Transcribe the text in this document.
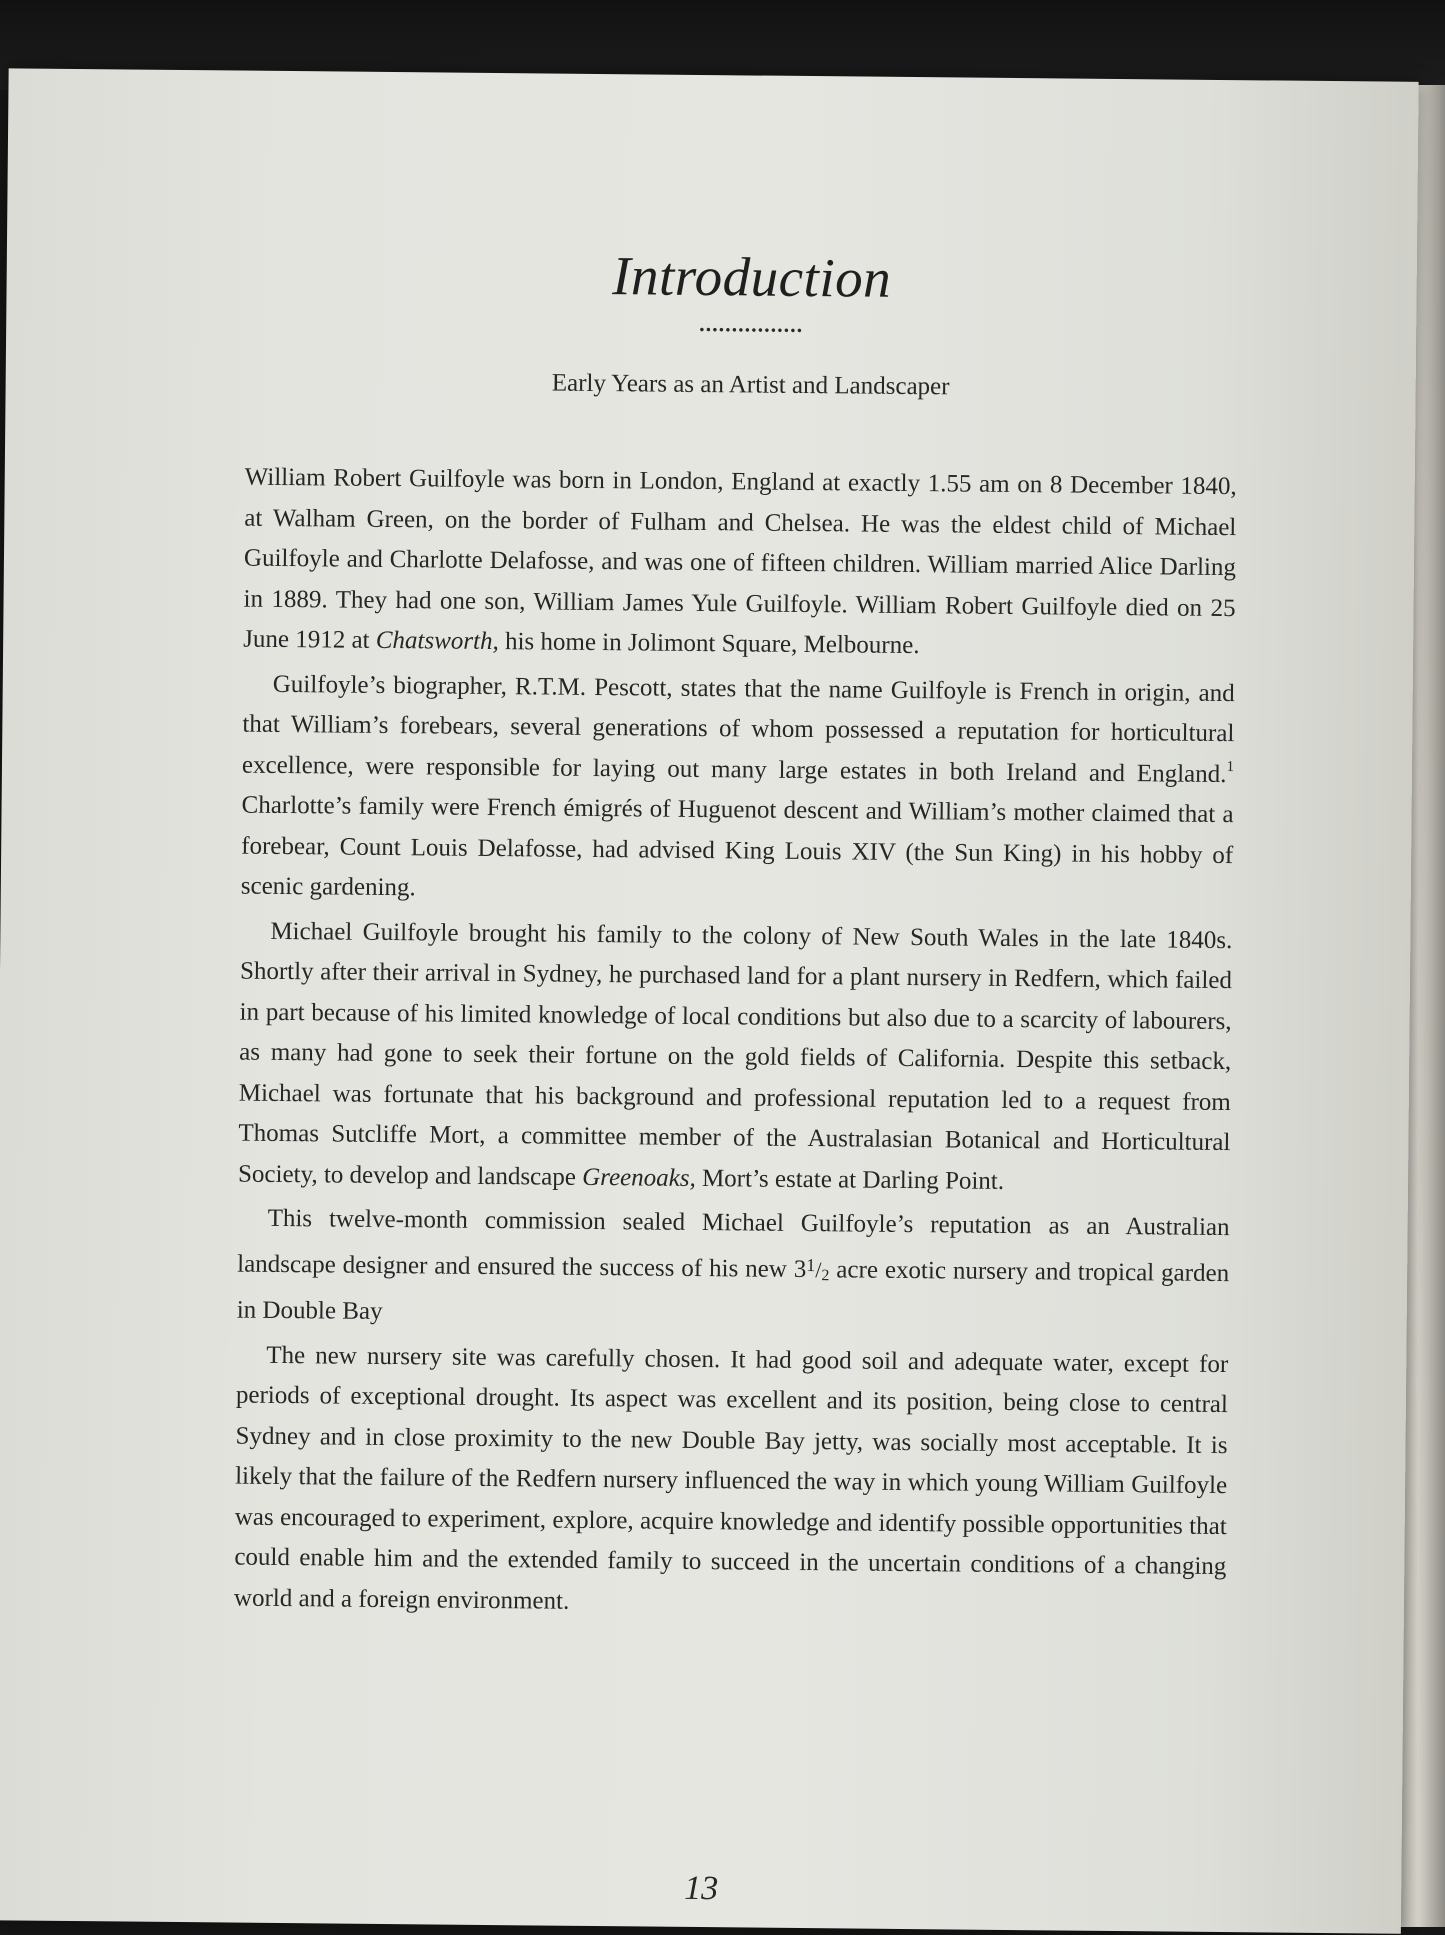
Introduction
................
Early Years as an Artist and Landscaper

William Robert Guilfoyle was born in London, England at exactly 1.55 am on 8 December 1840, at Walham Green, on the border of Fulham and Chelsea. He was the eldest child of Michael Guilfoyle and Charlotte Delafosse, and was one of fifteen children. William married Alice Darling in 1889. They had one son, William James Yule Guilfoyle. William Robert Guilfoyle died on 25 June 1912 at Chatsworth, his home in Jolimont Square, Melbourne.

Guilfoyle’s biographer, R.T.M. Pescott, states that the name Guilfoyle is French in origin, and that William’s forebears, several generations of whom possessed a reputation for horticultural excellence, were responsible for laying out many large estates in both Ireland and England.$^1$ Charlotte’s family were French émigrés of Huguenot descent and William’s mother claimed that a forebear, Count Louis Delafosse, had advised King Louis XIV (the Sun King) in his hobby of scenic gardening.

Michael Guilfoyle brought his family to the colony of New South Wales in the late 1840s. Shortly after their arrival in Sydney, he purchased land for a plant nursery in Redfern, which failed in part because of his limited knowledge of local conditions but also due to a scarcity of labourers, as many had gone to seek their fortune on the gold fields of California. Despite this setback, Michael was fortunate that his background and professional reputation led to a request from Thomas Sutcliffe Mort, a committee member of the Australasian Botanical and Horticultural Society, to develop and landscape Greenoaks, Mort’s estate at Darling Point.

This twelve-month commission sealed Michael Guilfoyle’s reputation as an Australian landscape designer and ensured the success of his new $3^1/2$ acre exotic nursery and tropical garden in Double Bay

The new nursery site was carefully chosen. It had good soil and adequate water, except for periods of exceptional drought. Its aspect was excellent and its position, being close to central Sydney and in close proximity to the new Double Bay jetty, was socially most acceptable. It is likely that the failure of the Redfern nursery influenced the way in which young William Guilfoyle was encouraged to experiment, explore, acquire knowledge and identify possible opportunities that could enable him and the extended family to succeed in the uncertain conditions of a changing world and a foreign environment.

13
